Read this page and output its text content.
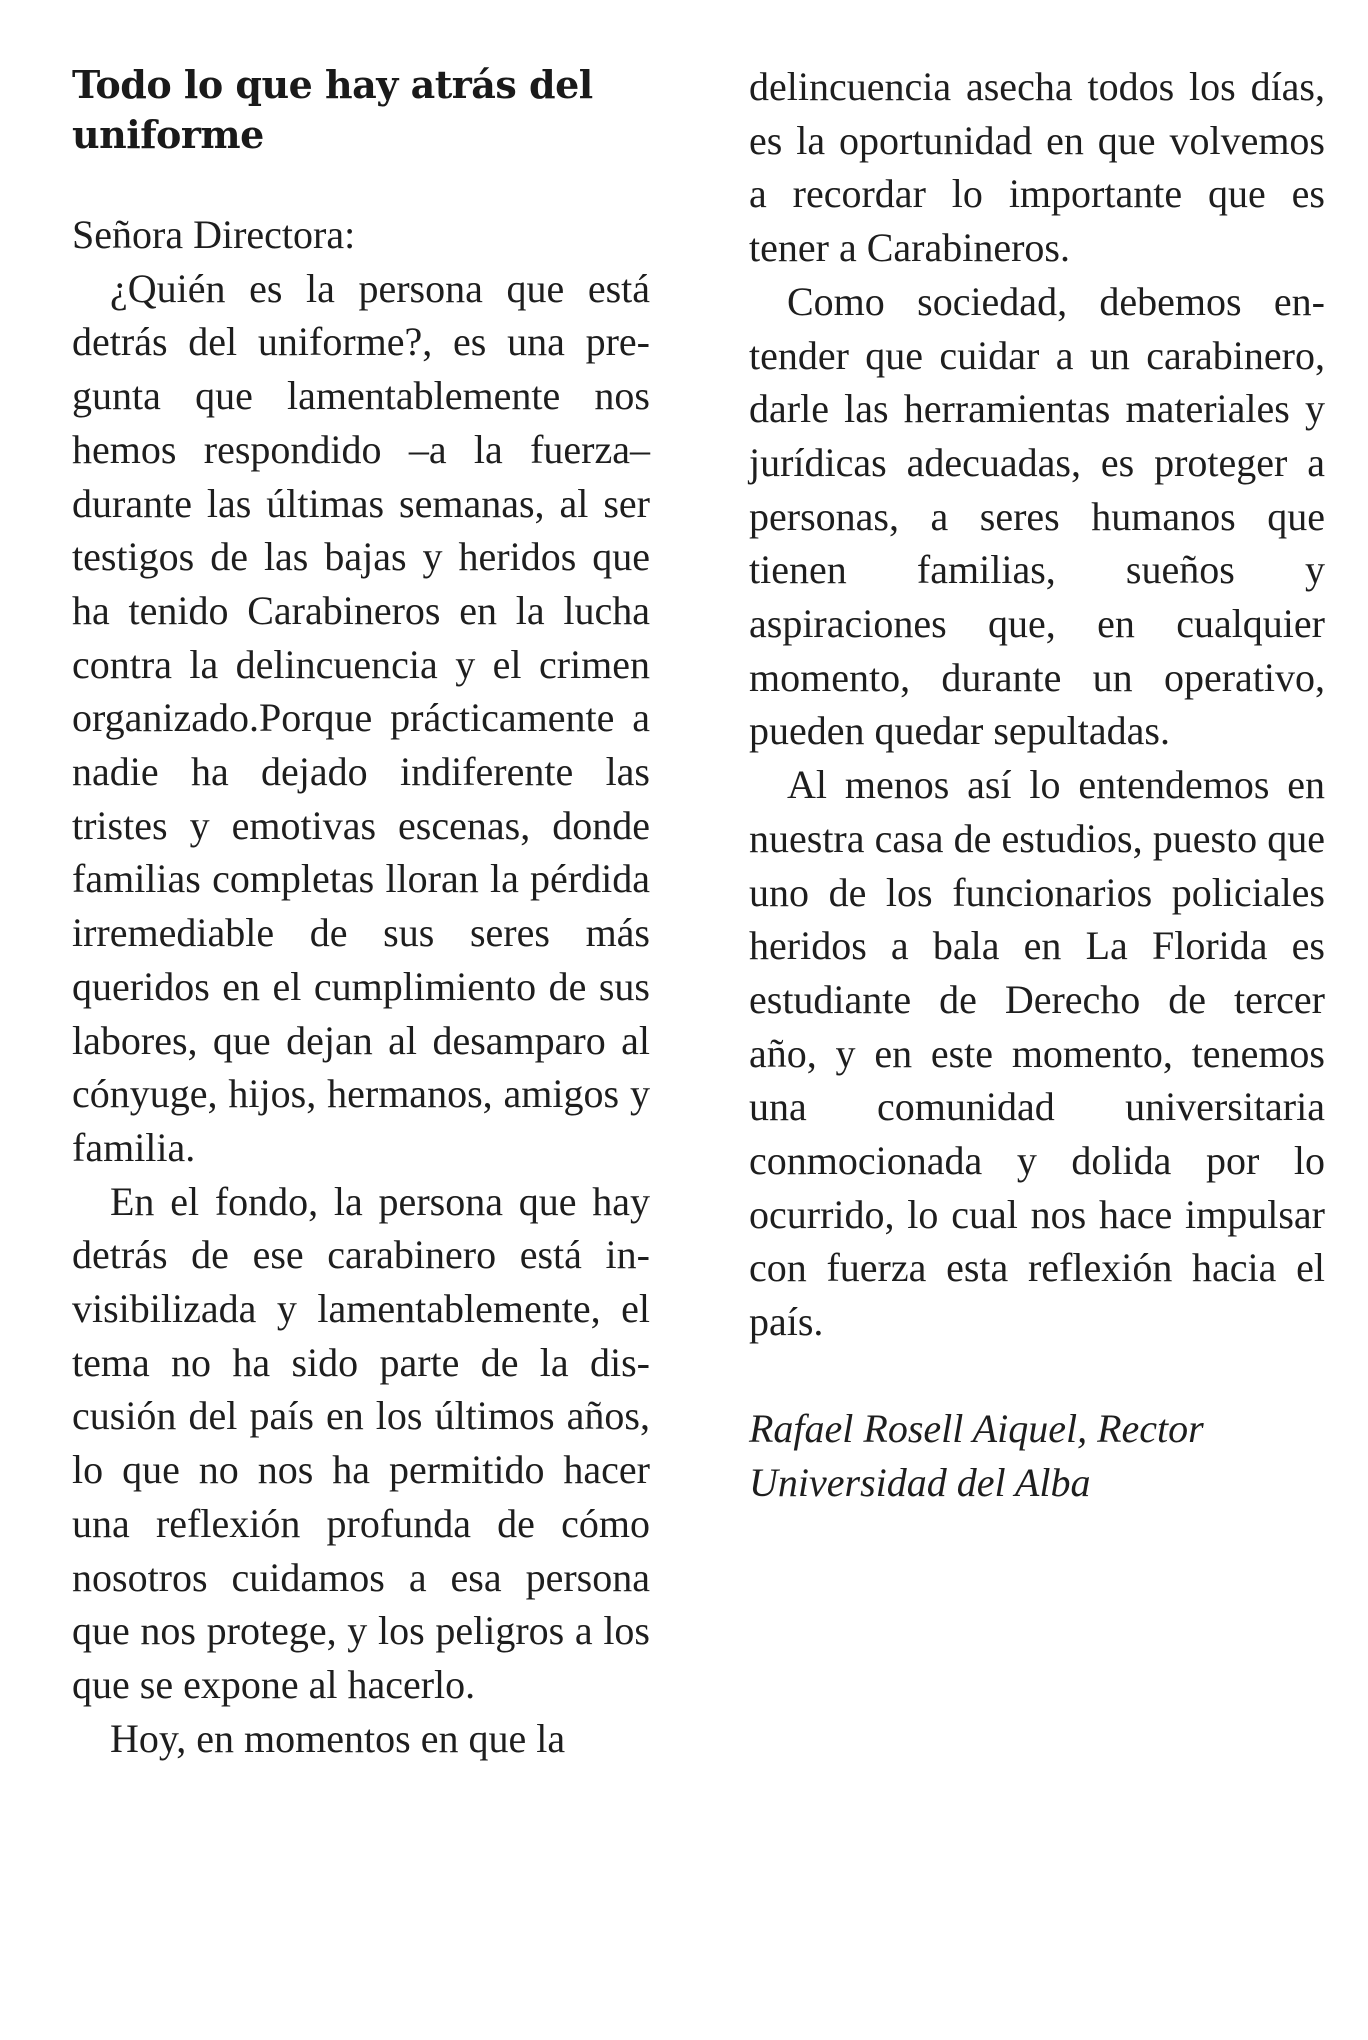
Todo lo que hay atrás del uniforme

Señora Directora:

¿Quién es la persona que está detrás del uniforme?, es una pregunta que lamentablemente nos hemos respondido –a la fuerza– durante las últimas semanas, al ser testigos de las bajas y heridos que ha tenido Carabineros en la lucha contra la delincuencia y el crimen organizado.Porque prácticamente a nadie ha dejado indiferente las tristes y emotivas escenas, donde familias completas lloran la pérdida irremediable de sus seres más queridos en el cumplimiento de sus labores, que dejan al desamparo al cónyuge, hijos, hermanos, amigos y familia.

En el fondo, la persona que hay detrás de ese carabinero está invisibilizada y lamentablemente, el tema no ha sido parte de la discusión del país en los últimos años, lo que no nos ha permitido hacer una reflexión profunda de cómo nosotros cuidamos a esa persona que nos protege, y los peligros a los que se expone al hacerlo.

Hoy, en momentos en que la

delincuencia asecha todos los días, es la oportunidad en que volvemos a recordar lo importante que es tener a Carabineros.

Como sociedad, debemos entender que cuidar a un carabinero, darle las herramientas materiales y jurídicas adecuadas, es proteger a personas, a seres humanos que tienen familias, sueños y aspiraciones que, en cualquier momento, durante un operativo, pueden quedar sepultadas.

Al menos así lo entendemos en nuestra casa de estudios, puesto que uno de los funcionarios policiales heridos a bala en La Florida es estudiante de Derecho de tercer año, y en este momento, tenemos una comunidad universitaria conmocionada y dolida por lo ocurrido, lo cual nos hace impulsar con fuerza esta reflexión hacia el país.

Rafael Rosell Aiquel, Rector
Universidad del Alba
